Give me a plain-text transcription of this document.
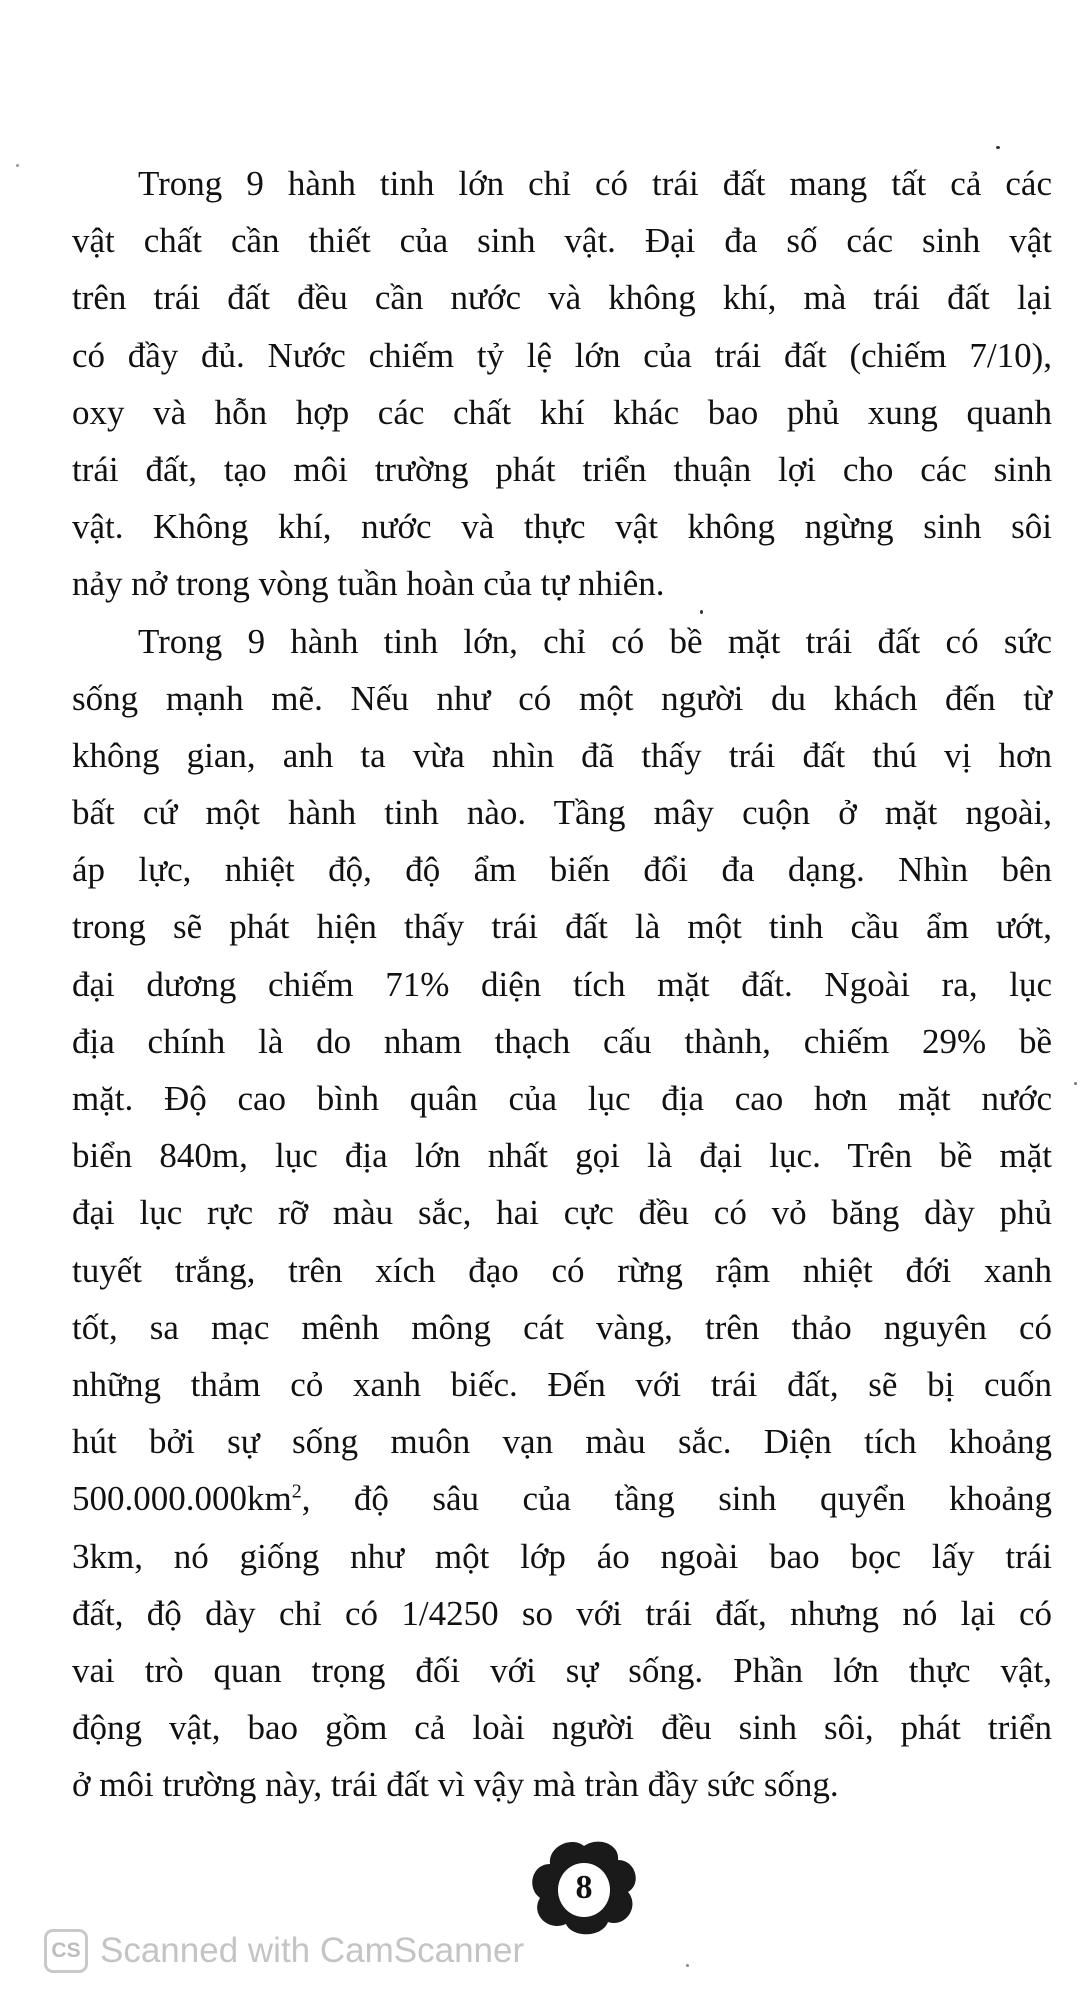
Trong 9 hành tinh lớn chỉ có trái đất mang tất cả các
vật chất cần thiết của sinh vật. Đại đa số các sinh vật
trên trái đất đều cần nước và không khí, mà trái đất lại
có đầy đủ. Nước chiếm tỷ lệ lớn của trái đất (chiếm 7/10),
oxy và hỗn hợp các chất khí khác bao phủ xung quanh
trái đất, tạo môi trường phát triển thuận lợi cho các sinh
vật. Không khí, nước và thực vật không ngừng sinh sôi
nảy nở trong vòng tuần hoàn của tự nhiên.
Trong 9 hành tinh lớn, chỉ có bề mặt trái đất có sức
sống mạnh mẽ. Nếu như có một người du khách đến từ
không gian, anh ta vừa nhìn đã thấy trái đất thú vị hơn
bất cứ một hành tinh nào. Tầng mây cuộn ở mặt ngoài,
áp lực, nhiệt độ, độ ẩm biến đổi đa dạng. Nhìn bên
trong sẽ phát hiện thấy trái đất là một tinh cầu ẩm ướt,
đại dương chiếm 71% diện tích mặt đất. Ngoài ra, lục
địa chính là do nham thạch cấu thành, chiếm 29% bề
mặt. Độ cao bình quân của lục địa cao hơn mặt nước
biển 840m, lục địa lớn nhất gọi là đại lục. Trên bề mặt
đại lục rực rỡ màu sắc, hai cực đều có vỏ băng dày phủ
tuyết trắng, trên xích đạo có rừng rậm nhiệt đới xanh
tốt, sa mạc mênh mông cát vàng, trên thảo nguyên có
những thảm cỏ xanh biếc. Đến với trái đất, sẽ bị cuốn
hút bởi sự sống muôn vạn màu sắc. Diện tích khoảng
$500.000.000km^2$, độ sâu của tầng sinh quyển khoảng
3km, nó giống như một lớp áo ngoài bao bọc lấy trái
đất, độ dày chỉ có 1/4250 so với trái đất, nhưng nó lại có
vai trò quan trọng đối với sự sống. Phần lớn thực vật,
động vật, bao gồm cả loài người đều sinh sôi, phát triển
ở môi trường này, trái đất vì vậy mà tràn đầy sức sống.
8
CS Scanned with CamScanner
